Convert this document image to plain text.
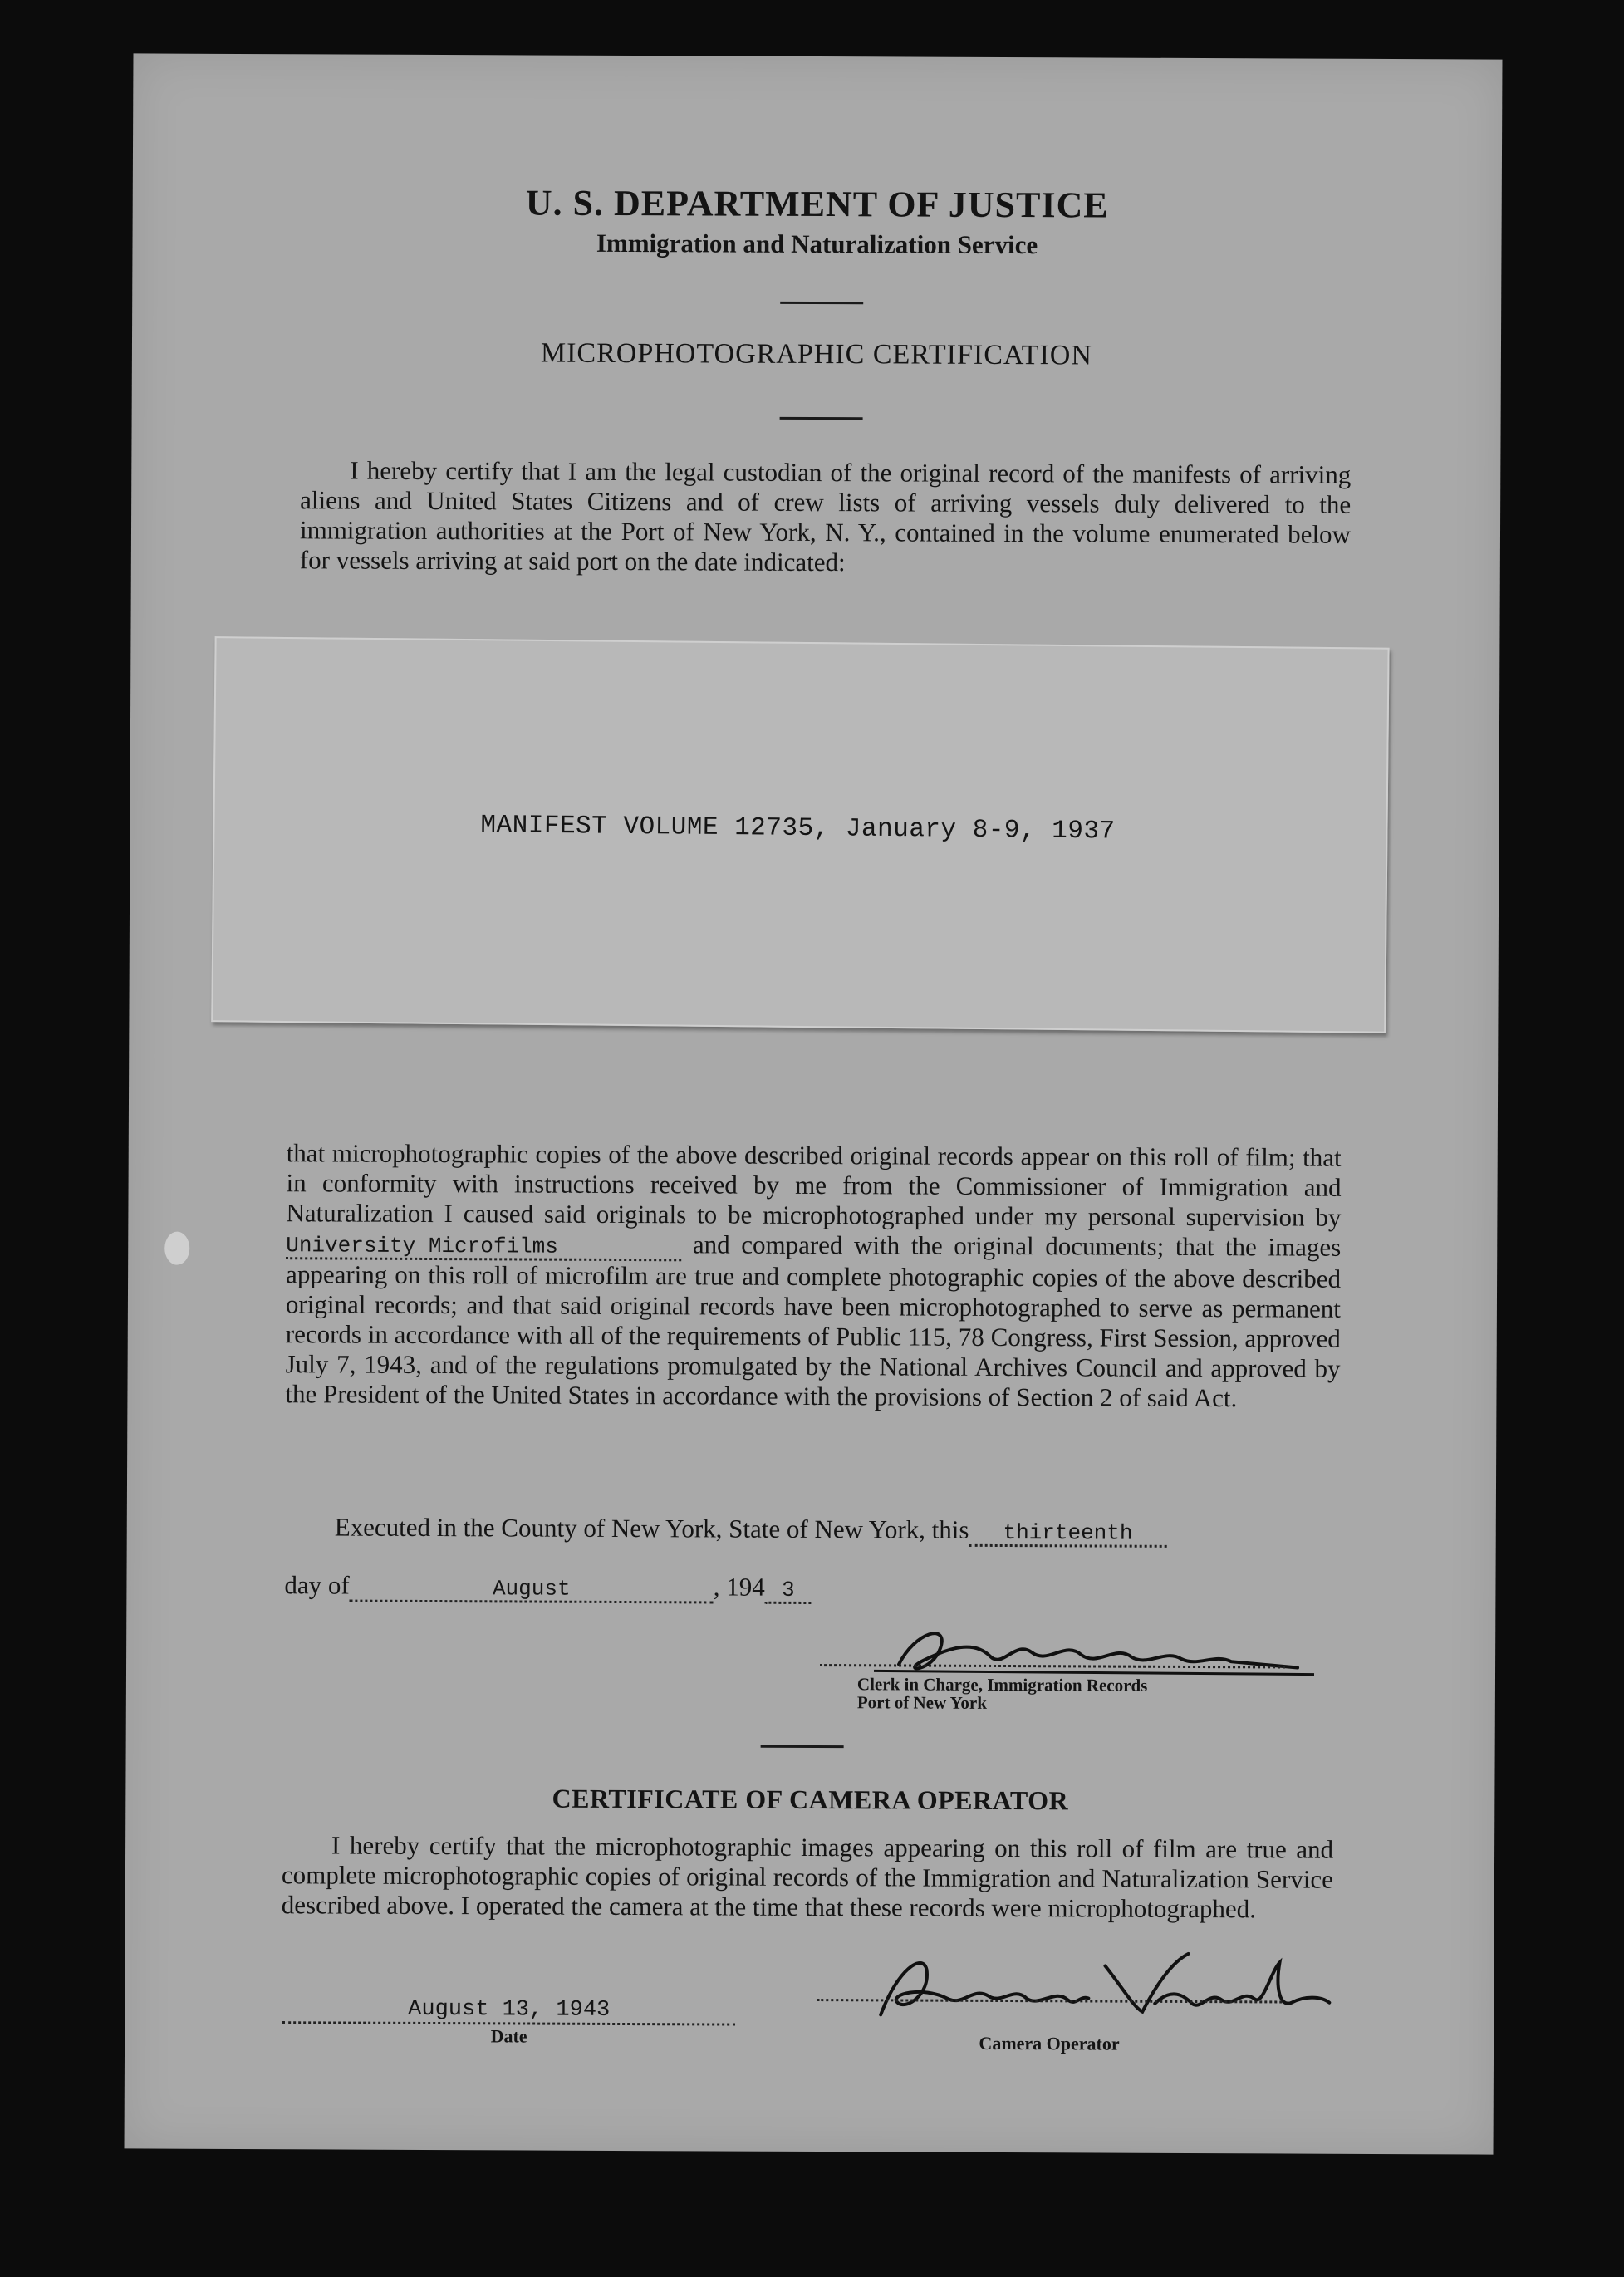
U. S. DEPARTMENT OF JUSTICE
Immigration and Naturalization Service
MICROPHOTOGRAPHIC CERTIFICATION
I hereby certify that I am the legal custodian of the original record of the manifests of arriving aliens and United States Citizens and of crew lists of arriving vessels duly delivered to the immigration authorities at the Port of New York, N. Y., contained in the volume enumerated below for vessels arriving at said port on the date indicated:
MANIFEST VOLUME 12735, January 8-9, 1937
that microphotographic copies of the above described original records appear on this roll of film; that in conformity with instructions received by me from the Commissioner of Immigration and Naturalization I caused said originals to be microphotographed under my personal supervision byUniversity Microfilms	and compared with the original documents; that the images appearing on this roll of microfilm are true and complete photographic copies of the above described original records; and that said original records have been microphotographed to serve as permanent records in accordance with all of the requirements of Public 115, 78 Congress, First Session, approved July 7, 1943, and of the regulations promulgated by the National Archives Council and approved by the President of the United States in accordance with the provisions of Section 2 of said Act.
Executed in the County of New York, State of New York, this thirteenth
day of	August	, 194 3
Clerk in Charge, Immigration Records
Port of New York
CERTIFICATE OF CAMERA OPERATOR
I hereby certify that the microphotographic images appearing on this roll of film are true and complete microphotographic copies of original records of the Immigration and Naturalization Service described above. I operated the camera at the time that these records were microphotographed.
August 13, 1943
Date	Camera Operator
